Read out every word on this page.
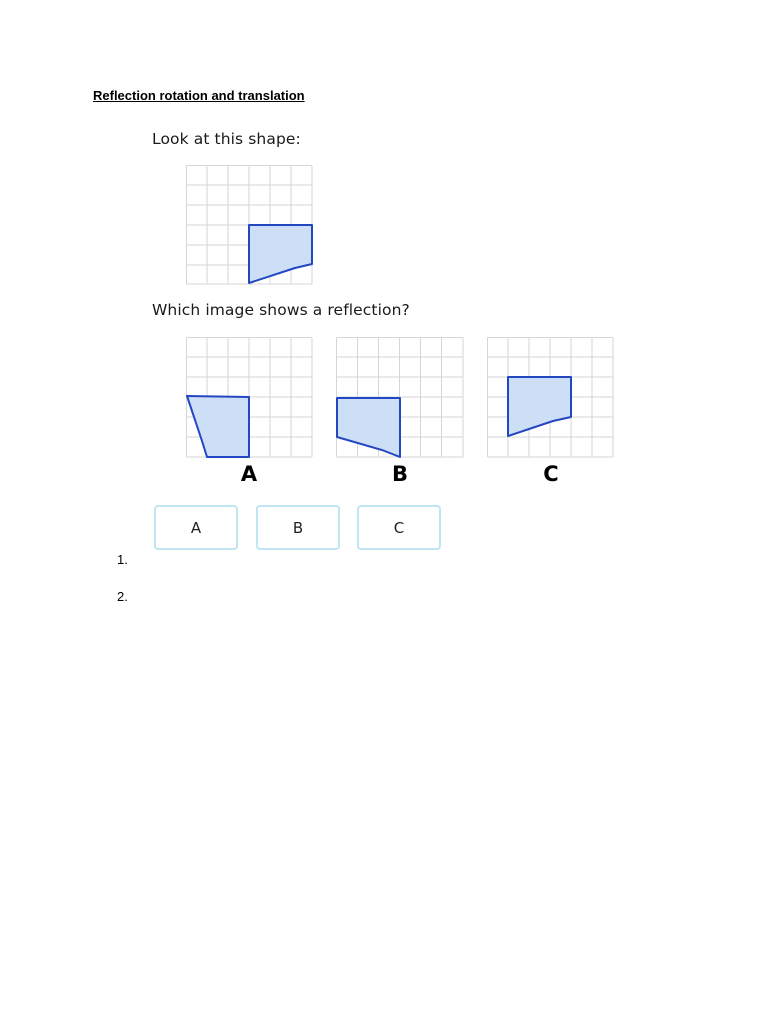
Reflection rotation and translation
Look at this shape:
Which image shows a reflection?
A	B	C
A	B	C
1.
2.
